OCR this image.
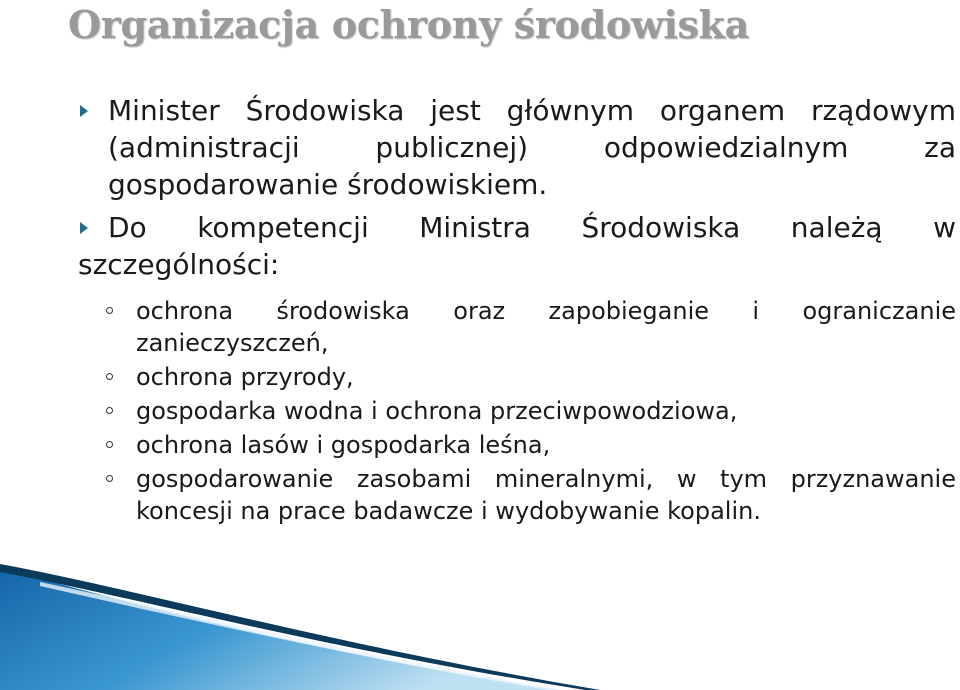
Organizacja ochrony środowiska

Minister Środowiska jest głównym organem rządowym (administracji publicznej) odpowiedzialnym za gospodarowanie środowiskiem.

Do kompetencji Ministra Środowiska należą w szczególności:

ochrona środowiska oraz zapobieganie i ograniczanie zanieczyszczeń,
ochrona przyrody,
gospodarka wodna i ochrona przeciwpowodziowa,
ochrona lasów i gospodarka leśna,
gospodarowanie zasobami mineralnymi, w tym przyznawanie koncesji na prace badawcze i wydobywanie kopalin.
